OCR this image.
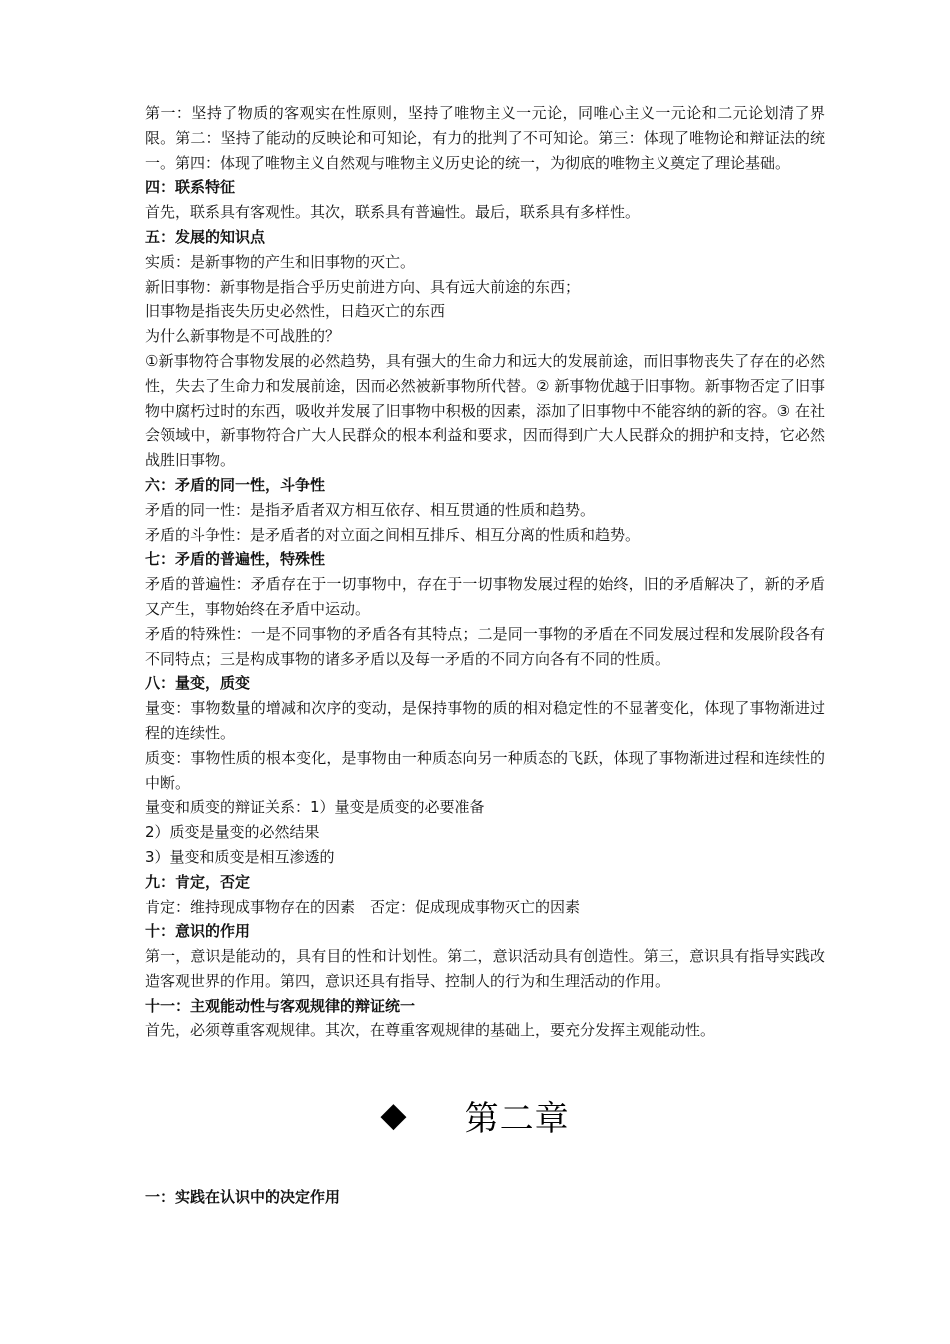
第一：坚持了物质的客观实在性原则，坚持了唯物主义一元论，同唯心主义一元论和二元论划清了界限。第二：坚持了能动的反映论和可知论，有力的批判了不可知论。第三：体现了唯物论和辩证法的统一。第四：体现了唯物主义自然观与唯物主义历史论的统一，为彻底的唯物主义奠定了理论基础。

四：联系特征

首先，联系具有客观性。其次，联系具有普遍性。最后，联系具有多样性。

五：发展的知识点

实质：是新事物的产生和旧事物的灭亡。

新旧事物：新事物是指合乎历史前进方向、具有远大前途的东西；

旧事物是指丧失历史必然性，日趋灭亡的东西

为什么新事物是不可战胜的？

①新事物符合事物发展的必然趋势，具有强大的生命力和远大的发展前途，而旧事物丧失了存在的必然性，失去了生命力和发展前途，因而必然被新事物所代替。② 新事物优越于旧事物。新事物否定了旧事物中腐朽过时的东西，吸收并发展了旧事物中积极的因素，添加了旧事物中不能容纳的新的容。③ 在社会领域中，新事物符合广大人民群众的根本利益和要求，因而得到广大人民群众的拥护和支持，它必然战胜旧事物。

六：矛盾的同一性，斗争性

矛盾的同一性：是指矛盾者双方相互依存、相互贯通的性质和趋势。

矛盾的斗争性：是矛盾者的对立面之间相互排斥、相互分离的性质和趋势。

七：矛盾的普遍性，特殊性

矛盾的普遍性：矛盾存在于一切事物中，存在于一切事物发展过程的始终，旧的矛盾解决了，新的矛盾又产生，事物始终在矛盾中运动。

矛盾的特殊性：一是不同事物的矛盾各有其特点；二是同一事物的矛盾在不同发展过程和发展阶段各有不同特点；三是构成事物的诸多矛盾以及每一矛盾的不同方向各有不同的性质。

八：量变，质变

量变：事物数量的增减和次序的变动，是保持事物的质的相对稳定性的不显著变化，体现了事物渐进过程的连续性。

质变：事物性质的根本变化，是事物由一种质态向另一种质态的飞跃，体现了事物渐进过程和连续性的中断。

量变和质变的辩证关系：1）量变是质变的必要准备

2）质变是量变的必然结果

3）量变和质变是相互渗透的

九：肯定，否定

肯定：维持现成事物存在的因素　否定：促成现成事物灭亡的因素

十：意识的作用

第一，意识是能动的，具有目的性和计划性。第二，意识活动具有创造性。第三，意识具有指导实践改造客观世界的作用。第四，意识还具有指导、控制人的行为和生理活动的作用。

十一：主观能动性与客观规律的辩证统一

首先，必须尊重客观规律。其次，在尊重客观规律的基础上，要充分发挥主观能动性。

◆ 第二章
一：实践在认识中的决定作用
